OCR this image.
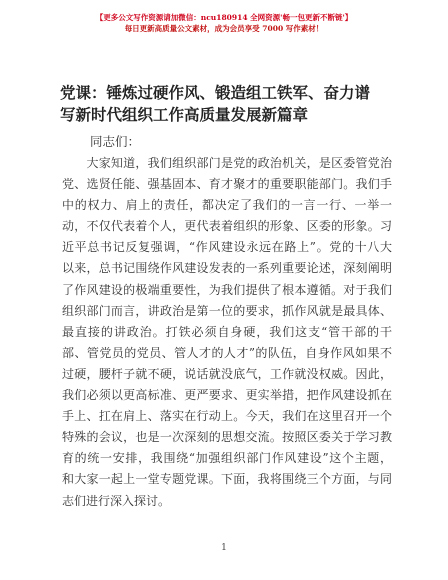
【更多公文写作资源请加微信：ncu180914 全网资源'畅一包更新不断链'】
每日更新高质量公文素材，成为会员享受 7000 写作素材！
党课：锤炼过硬作风、锻造组工铁军、奋力谱
写新时代组织工作高质量发展新篇章
同志们：
　　大家知道，我们组织部门是党的政治机关，是区委管党治
党、选贤任能、强基固本、育才聚才的重要职能部门。我们手
中的权力、肩上的责任，都决定了我们的一言一行、一举一
动，不仅代表着个人，更代表着组织的形象、区委的形象。习
近平总书记反复强调，“作风建设永远在路上”。党的十八大
以来，总书记围绕作风建设发表的一系列重要论述，深刻阐明
了作风建设的极端重要性，为我们提供了根本遵循。对于我们
组织部门而言，讲政治是第一位的要求，抓作风就是最具体、
最直接的讲政治。打铁必须自身硬，我们这支“管干部的干
部、管党员的党员、管人才的人才”的队伍，自身作风如果不
过硬，腰杆子就不硬，说话就没底气，工作就没权威。因此，
我们必须以更高标准、更严要求、更实举措，把作风建设抓在
手上、扛在肩上、落实在行动上。今天，我们在这里召开一个
特殊的会议，也是一次深刻的思想交流。按照区委关于学习教
育的统一安排，我围绕“加强组织部门作风建设”这个主题，
和大家一起上一堂专题党课。下面，我将围绕三个方面，与同
志们进行深入探讨。
1
